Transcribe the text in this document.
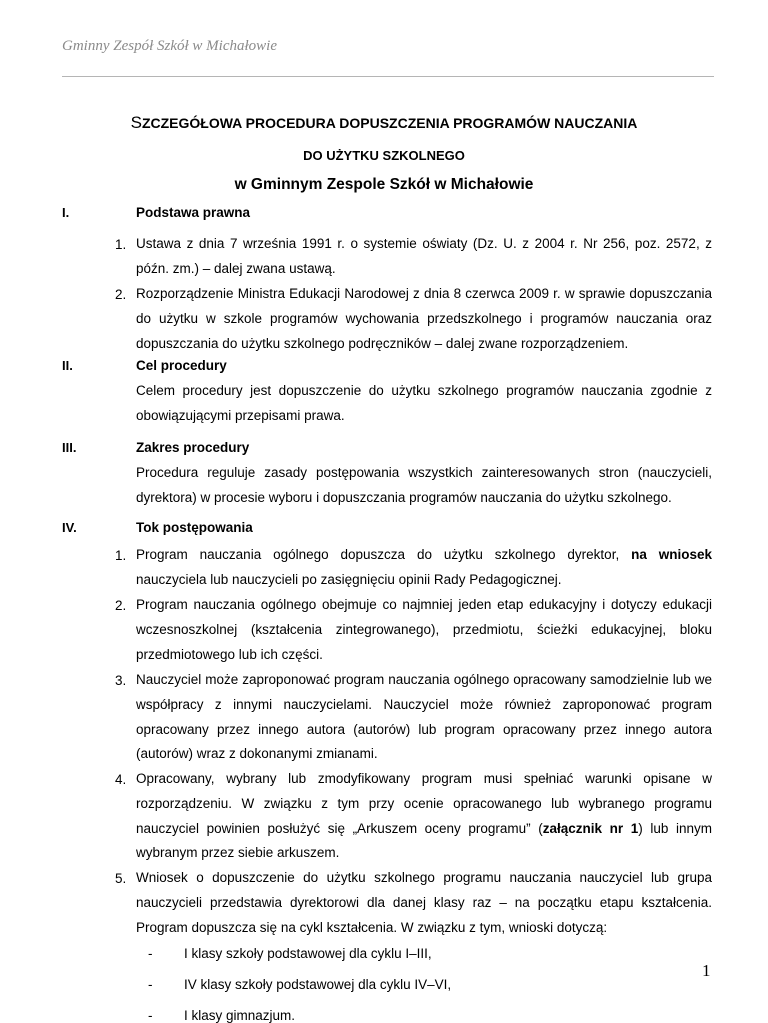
Gminny Zespół Szkół w Michałowie
SZCZEGÓŁOWA PROCEDURA DOPUSZCZENIA PROGRAMÓW NAUCZANIA
DO UŻYTKU SZKOLNEGO
w Gminnym Zespole Szkół w Michałowie
I.	Podstawa prawna
1. Ustawa z dnia 7 września 1991 r. o systemie oświaty (Dz. U. z 2004 r. Nr 256, poz. 2572, z późn. zm.) – dalej zwana ustawą.
2. Rozporządzenie Ministra Edukacji Narodowej z dnia 8 czerwca 2009 r. w sprawie dopuszczania do użytku w szkole programów wychowania przedszkolnego i programów nauczania oraz dopuszczania do użytku szkolnego podręczników – dalej zwane rozporządzeniem.
II.	Cel procedury
Celem procedury jest dopuszczenie do użytku szkolnego programów nauczania zgodnie z obowiązującymi przepisami prawa.
III.	Zakres procedury
Procedura reguluje zasady postępowania wszystkich zainteresowanych stron (nauczycieli, dyrektora) w procesie wyboru i dopuszczania programów nauczania do użytku szkolnego.
IV.	Tok postępowania
1. Program nauczania ogólnego dopuszcza do użytku szkolnego dyrektor, na wniosek nauczyciela lub nauczycieli po zasięgnięciu opinii Rady Pedagogicznej.
2. Program nauczania ogólnego obejmuje co najmniej jeden etap edukacyjny i dotyczy edukacji wczesnoszkolnej (kształcenia zintegrowanego), przedmiotu, ścieżki edukacyjnej, bloku przedmiotowego lub ich części.
3. Nauczyciel może zaproponować program nauczania ogólnego opracowany samodzielnie lub we współpracy z innymi nauczycielami. Nauczyciel może również zaproponować program opracowany przez innego autora (autorów) lub program opracowany przez innego autora (autorów) wraz z dokonanymi zmianami.
4. Opracowany, wybrany lub zmodyfikowany program musi spełniać warunki opisane w rozporządzeniu. W związku z tym przy ocenie opracowanego lub wybranego programu nauczyciel powinien posłużyć się „Arkuszem oceny programu” (załącznik nr 1) lub innym wybranym przez siebie arkuszem.
5. Wniosek o dopuszczenie do użytku szkolnego programu nauczania nauczyciel lub grupa nauczycieli przedstawia dyrektorowi dla danej klasy raz – na początku etapu kształcenia. Program dopuszcza się na cykl kształcenia. W związku z tym, wnioski dotyczą:
- I klasy szkoły podstawowej dla cyklu I–III,
- IV klasy szkoły podstawowej dla cyklu IV–VI,
- I klasy gimnazjum.
1
